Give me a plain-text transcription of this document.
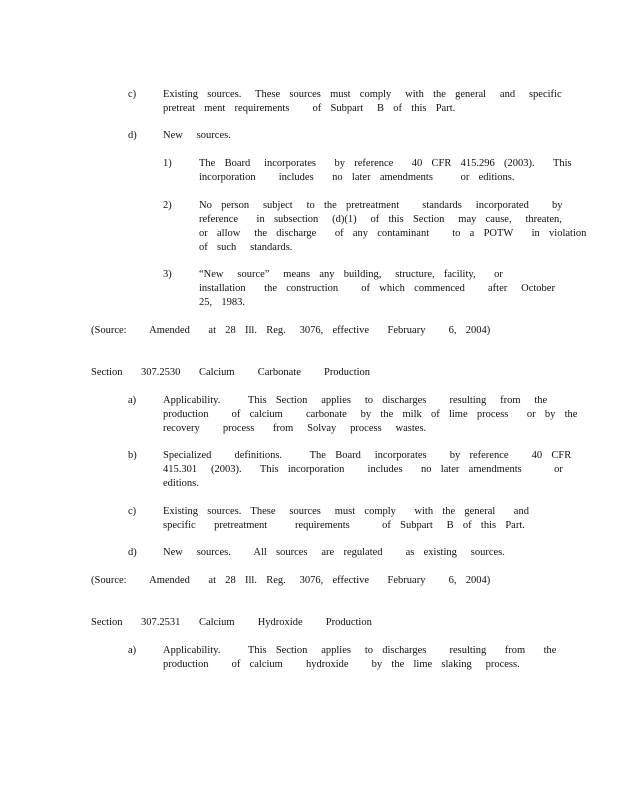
c)	Existing  sources.   These  sources  must  comply   with  the  general   and   specific
pretreat  ment  requirements     of  Subpart   B  of  this  Part.
d)	New   sources.
1)	The  Board   incorporates    by  reference    40  CFR  415.296  (2003).    This
incorporation     includes    no  later  amendments      or  editions.
2)	No  person   subject   to  the  pretreatment     standards   incorporated     by
reference    in  subsection   (d)(1)   of  this  Section   may  cause,   threaten,
or  allow   the  discharge    of  any  contaminant     to  a  POTW    in  violation
of  such   standards.
3)	“New   source”   means  any  building,   structure,  facility,    or
installation    the  construction     of  which  commenced     after   October
25,  1983.
(Source:     Amended    at  28  Ill.  Reg.   3076,  effective    February     6,  2004)
Section    307.2530 Calcium     Carbonate     Production
a)	Applicability.      This  Section   applies   to  discharges     resulting   from   the
production     of  calcium     carbonate   by  the  milk  of  lime  process    or  by  the
recovery     process    from   Solvay   process   wastes.
b)	Specialized     definitions.      The  Board   incorporates     by  reference     40  CFR
415.301   (2003).    This  incorporation     includes    no  later  amendments       or
editions.
c)	Existing  sources.  These   sources   must  comply    with  the  general    and
specific    pretreatment      requirements       of  Subpart   B  of  this  Part.
d)	New   sources.     All  sources   are  regulated     as  existing   sources.
(Source:     Amended    at  28  Ill.  Reg.   3076,  effective    February     6,  2004)
Section    307.2531 Calcium     Hydroxide     Production
a)	Applicability.      This  Section   applies   to  discharges     resulting    from    the
production     of  calcium     hydroxide     by  the  lime  slaking   process.
